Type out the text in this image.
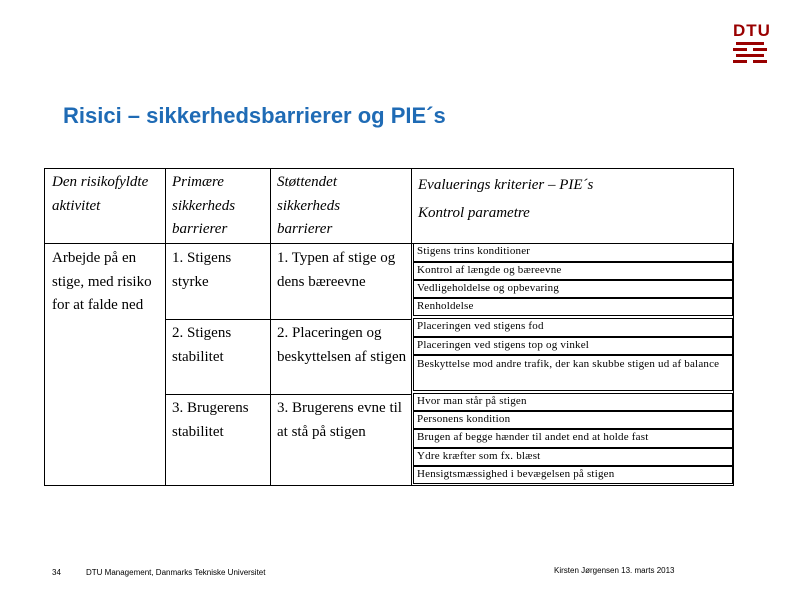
DTU
Risici – sikkerhedsbarrierer og PIE´s
Den risikofyldte aktivitet
Primære sikkerheds barrierer
Støttendet sikkerheds barrierer
Evaluerings kriterier – PIE´s
Kontrol parametre
Arbejde på en stige, med risiko for at falde ned
1. Stigens styrke
1. Typen af stige og dens bæreevne
Stigens trins konditioner
Kontrol af længde og bæreevne
Vedligeholdelse og opbevaring
Renholdelse
2. Stigens stabilitet
2. Placeringen og beskyttelsen af stigen
Placeringen ved stigens fod
Placeringen ved stigens top og vinkel
Beskyttelse mod andre trafik, der kan skubbe stigen ud af balance
3. Brugerens stabilitet
3. Brugerens evne til at stå på stigen
Hvor man står på stigen
Personens kondition
Brugen af begge hænder til andet end at holde fast
Ydre kræfter som fx. blæst
Hensigtsmæssighed i bevægelsen på stigen
34	DTU Management, Danmarks Tekniske Universitet	Kirsten Jørgensen 13. marts 2013
